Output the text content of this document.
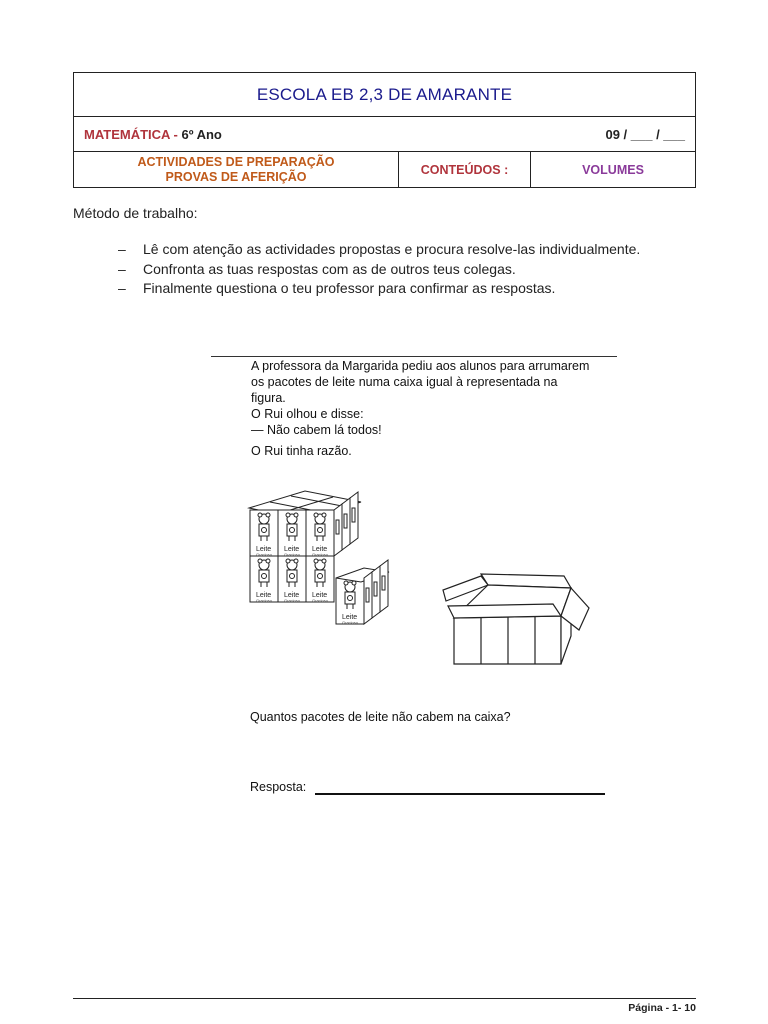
ESCOLA EB 2,3 DE AMARANTE
MATEMÁTICA - 6º Ano	09 / ___ / ___
ACTIVIDADES DE PREPARAÇÃO
PROVAS DE AFERIÇÃO	CONTEÚDOS :	VOLUMES
Método de trabalho:
– Lê com atenção as actividades propostas e procura resolve-las individualmente.
– Confronta as tuas respostas com as de outros teus colegas.
– Finalmente questiona o teu professor para confirmar as respostas.
A professora da Margarida pediu aos alunos para arrumarem
os pacotes de leite numa caixa igual à representada na
figura.
O Rui olhou e disse:
— Não cabem lá todos!
O Rui tinha razão.
Leite Leite Leite
Leite Leite Leite
Leite
Gracioso	Gracioso	Gracioso
Gracioso	Gracioso	Gracioso
Gracioso
Quantos pacotes de leite não cabem na caixa?
Resposta:
Página - 1- 10
